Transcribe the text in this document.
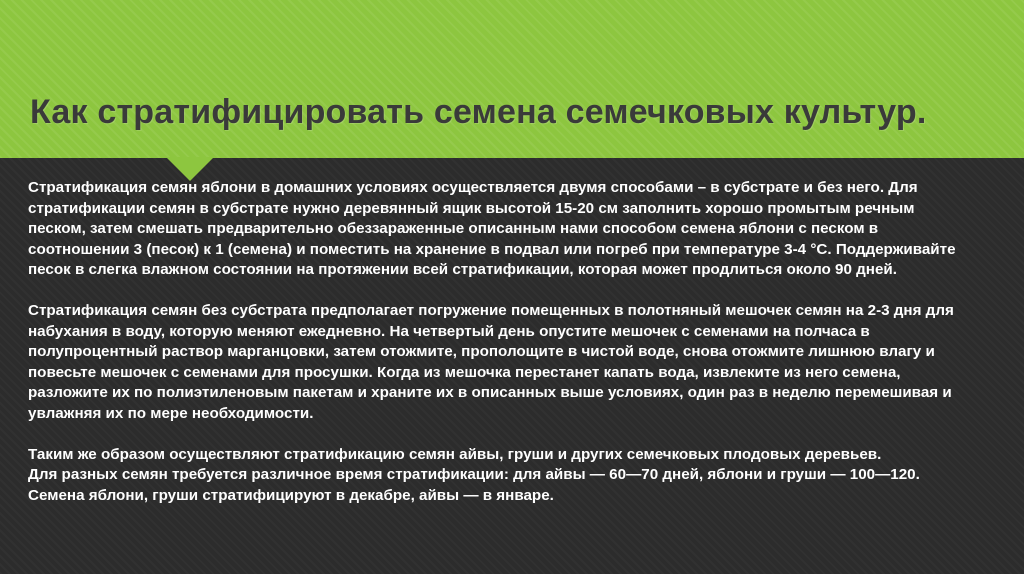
Как стратифицировать семена семечковых культур.

Стратификация семян яблони в домашних условиях осуществляется двумя способами – в субстрате и без него. Для стратификации семян в субстрате нужно деревянный ящик высотой 15-20 см заполнить хорошо промытым речным песком, затем смешать предварительно обеззараженные описанным нами способом семена яблони с песком в соотношении 3 (песок) к 1 (семена) и поместить на хранение в подвал или погреб при температуре 3-4 °С. Поддерживайте песок в слегка влажном состоянии на протяжении всей стратификации, которая может продлиться около 90 дней.

Стратификация семян без субстрата предполагает погружение помещенных в полотняный мешочек семян на 2-3 дня для набухания в воду, которую меняют ежедневно. На четвертый день опустите мешочек с семенами на полчаса в полупроцентный раствор марганцовки, затем отожмите, прополощите в чистой воде, снова отожмите лишнюю влагу и повесьте мешочек с семенами для просушки. Когда из мешочка перестанет капать вода, извлеките из него семена, разложите их по полиэтиленовым пакетам и храните их в описанных выше условиях, один раз в неделю перемешивая и увлажняя их по мере необходимости.

Таким же образом осуществляют стратификацию семян айвы, груши и других семечковых плодовых деревьев.

Для разных семян требуется различное время стратификации: для айвы — 60—70 дней, яблони и груши — 100—120.

Семена яблони, груши стратифицируют в декабре, айвы — в январе.
